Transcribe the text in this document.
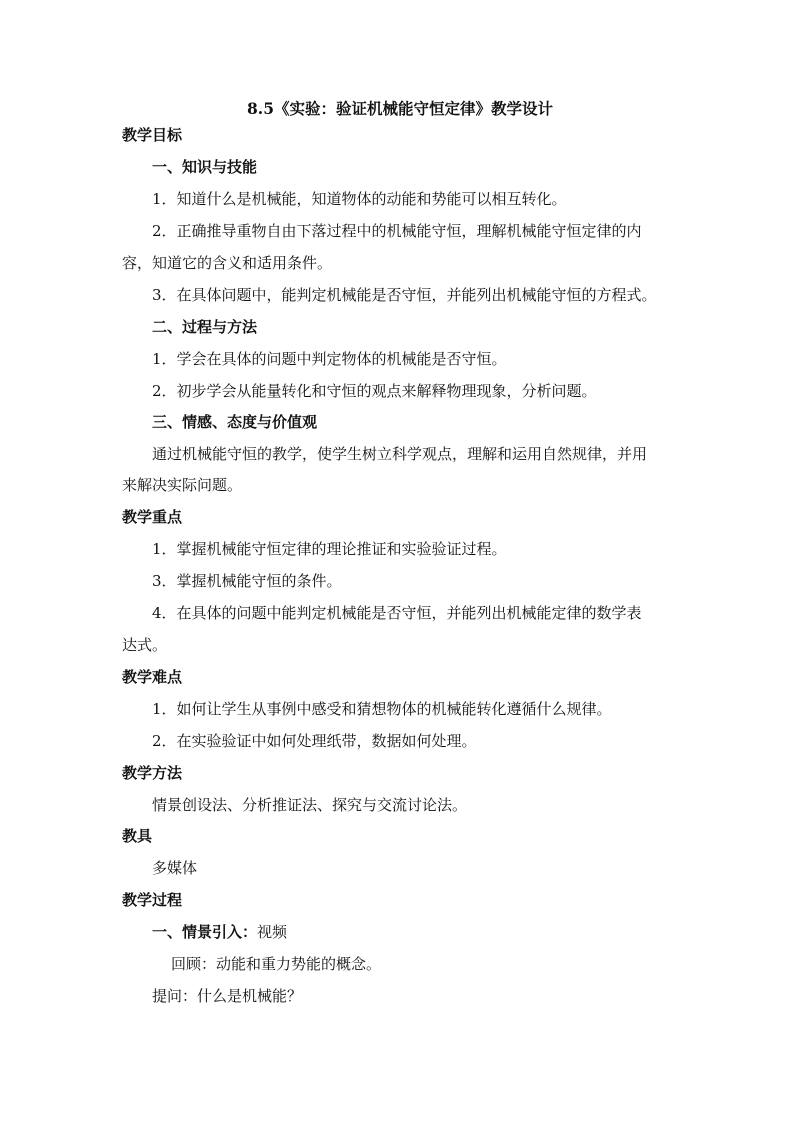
8.5《实验：验证机械能守恒定律》教学设计
教学目标
一、知识与技能
1．知道什么是机械能，知道物体的动能和势能可以相互转化。
2．正确推导重物自由下落过程中的机械能守恒，理解机械能守恒定律的内
容，知道它的含义和适用条件。
3．在具体问题中，能判定机械能是否守恒，并能列出机械能守恒的方程式。
二、过程与方法
1．学会在具体的问题中判定物体的机械能是否守恒。
2．初步学会从能量转化和守恒的观点来解释物理现象，分析问题。
三、情感、态度与价值观
通过机械能守恒的教学，使学生树立科学观点，理解和运用自然规律，并用
来解决实际问题。
教学重点
1．掌握机械能守恒定律的理论推证和实验验证过程。
3．掌握机械能守恒的条件。
4．在具体的问题中能判定机械能是否守恒，并能列出机械能定律的数学表
达式。
教学难点
1．如何让学生从事例中感受和猜想物体的机械能转化遵循什么规律。
2．在实验验证中如何处理纸带，数据如何处理。
教学方法
情景创设法、分析推证法、探究与交流讨论法。
教具
多媒体
教学过程
一、情景引入：视频
回顾：动能和重力势能的概念。
提问：什么是机械能？
